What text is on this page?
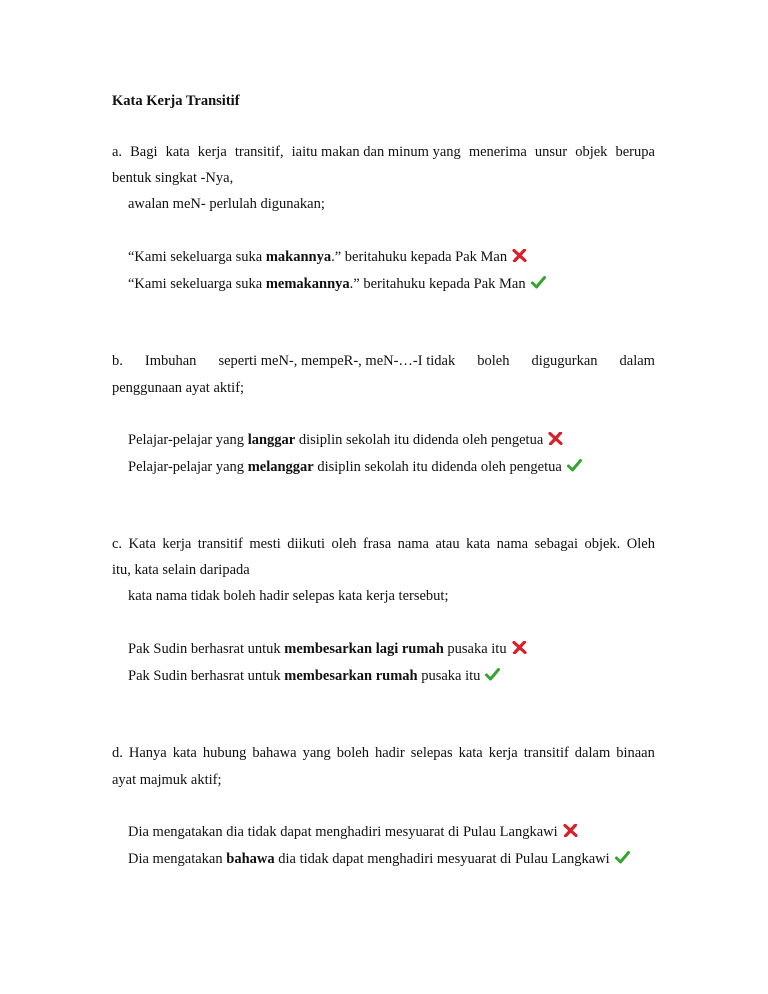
Kata Kerja Transitif
a. Bagi kata kerja transitif, iaitu makan dan minum yang menerima unsur objek berupa
bentuk singkat -Nya,
awalan meN- perlulah digunakan;
“Kami sekeluarga suka makannya.” beritahuku kepada Pak Man
“Kami sekeluarga suka memakannya.” beritahuku kepada Pak Man
b. Imbuhan seperti meN-, mempeR-, meN-…-I tidak boleh digugurkan dalam
penggunaan ayat aktif;
Pelajar-pelajar yang langgar disiplin sekolah itu didenda oleh pengetua
Pelajar-pelajar yang melanggar disiplin sekolah itu didenda oleh pengetua
c. Kata kerja transitif mesti diikuti oleh frasa nama atau kata nama sebagai objek. Oleh
itu, kata selain daripada
kata nama tidak boleh hadir selepas kata kerja tersebut;
Pak Sudin berhasrat untuk membesarkan lagi rumah pusaka itu
Pak Sudin berhasrat untuk membesarkan rumah pusaka itu
d. Hanya kata hubung bahawa yang boleh hadir selepas kata kerja transitif dalam binaan
ayat majmuk aktif;
Dia mengatakan dia tidak dapat menghadiri mesyuarat di Pulau Langkawi
Dia mengatakan bahawa dia tidak dapat menghadiri mesyuarat di Pulau Langkawi
